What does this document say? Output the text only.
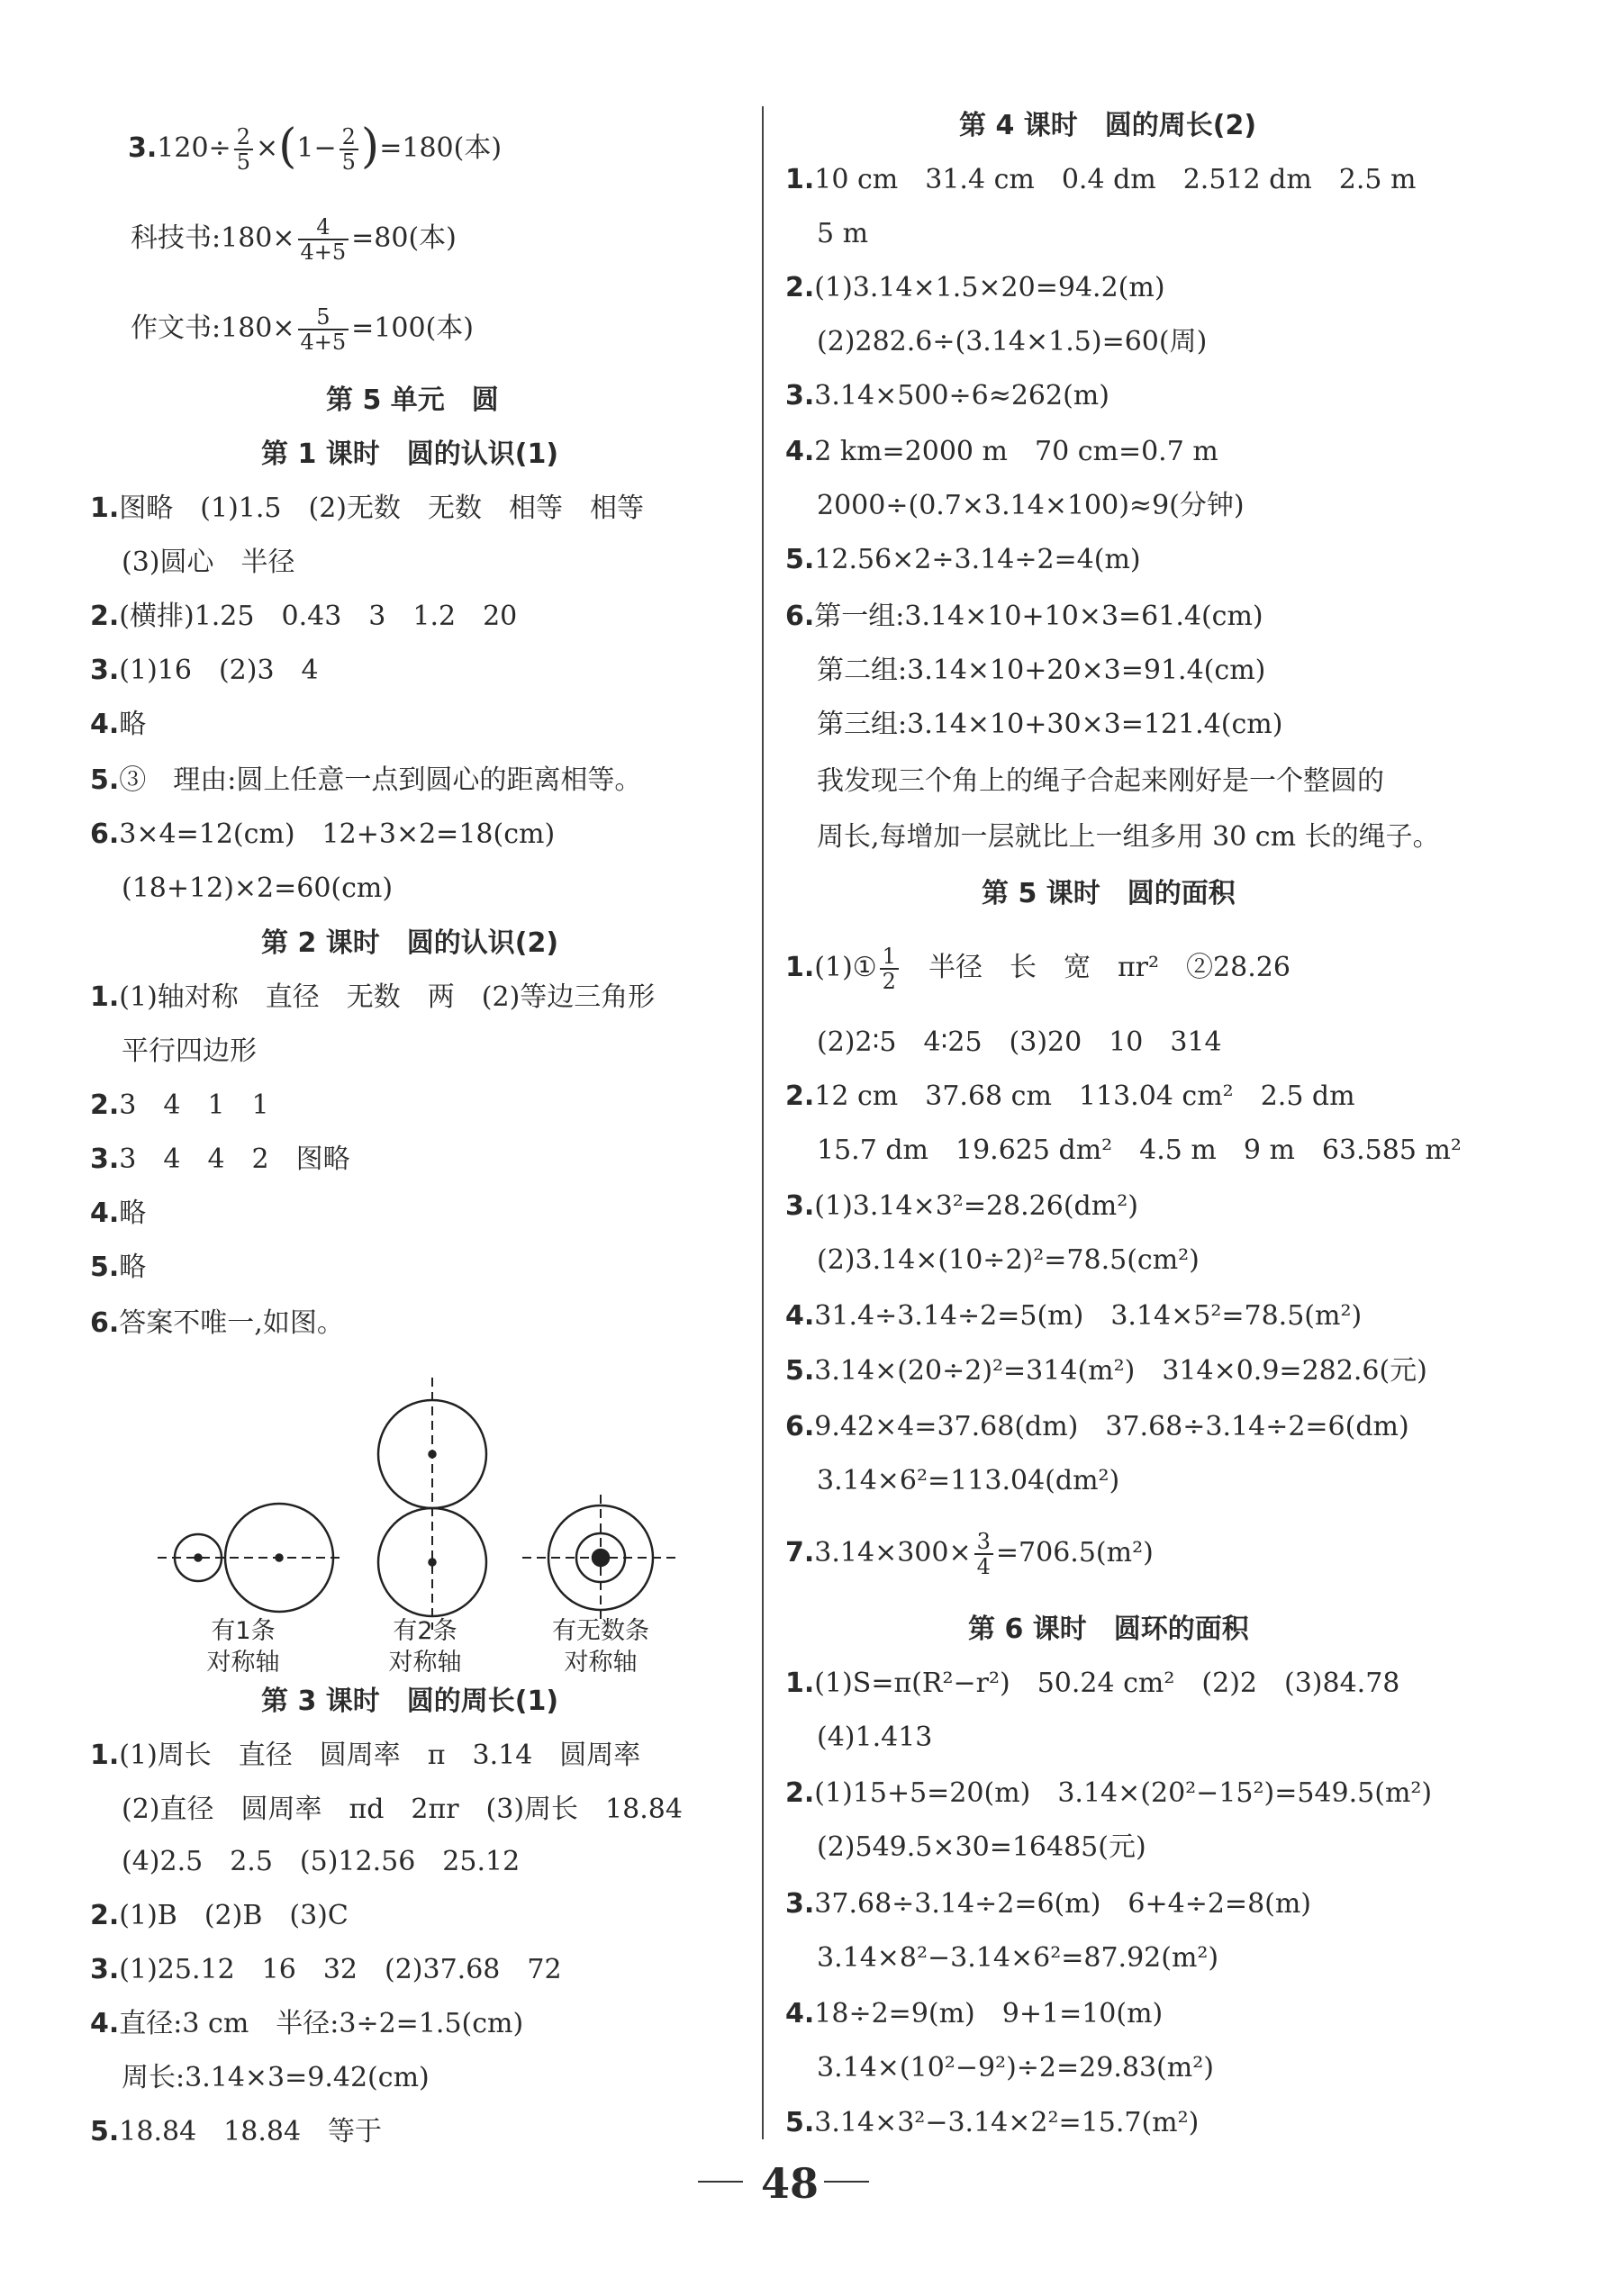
$3.120\div \frac{2}{5} \times(1- \frac{2}{5} )=180$(本)
科技书:180× $\frac{4}{4+5} =80$(本)
作文书:180× $\frac{5}{4+5} =100$(本)
第 5 单元　圆
第 1 课时　圆的认识(1)
1.图略　(1)1.5　(2)无数　无数　相等　相等
(3)圆心　半径
2.(横排)1.25　0.43　3　1.2　20
3.(1)16　(2)3　4
4.略
5.③　理由:圆上任意一点到圆心的距离相等。
6.3×4=12(cm)　12+3×2=18(cm)
(18+12)×2=60(cm)
第 2 课时　圆的认识(2)
1.(1)轴对称　直径　无数　两　(2)等边三角形
平行四边形
2.3　4　1　1
3.3　4　4　2　图略
4.略
5.略
6.答案不唯一,如图。
有1条
对称轴
有2条
对称轴
有无数条
对称轴
第 3 课时　圆的周长(1)
1.(1)周长　直径　圆周率　π　3.14　圆周率
(2)直径　圆周率　πd　2πr　(3)周长　18.84
(4)2.5　2.5　(5)12.56　25.12
2.(1)B　(2)B　(3)C
3.(1)25.12　16　32　(2)37.68　72
4.直径:3 cm　半径:3÷2=1.5(cm)
周长:3.14×3=9.42(cm)
5.18.84　18.84　等于
第 4 课时　圆的周长(2)
1.10 cm　31.4 cm　0.4 dm　2.512 dm　2.5 m
5 m
2.(1)3.14×1.5×20=94.2(m)
(2)282.6÷(3.14×1.5)=60(周)
3.3.14×500÷6≈262(m)
4.2 km=2000 m　70 cm=0.7 m
2000÷(0.7×3.14×100)≈9(分钟)
5.12.56×2÷3.14÷2=4(m)
6.第一组:3.14×10+10×3=61.4(cm)
第二组:3.14×10+20×3=91.4(cm)
第三组:3.14×10+30×3=121.4(cm)
我发现三个角上的绳子合起来刚好是一个整圆的
周长,每增加一层就比上一组多用 30 cm 长的绳子。
第 5 课时　圆的面积
1.(1)① $\frac{1}{2}$ 　半径　长　宽　πr²　②28.26
(2)2∶5　4∶25　(3)20　10　314
2.12 cm　37.68 cm　113.04 cm²　2.5 dm
15.7 dm　19.625 dm²　4.5 m　9 m　63.585 m²
3.(1)3.14×3²=28.26(dm²)
(2)3.14×(10÷2)²=78.5(cm²)
4.31.4÷3.14÷2=5(m)　3.14×5²=78.5(m²)
5.3.14×(20÷2)²=314(m²)　314×0.9=282.6(元)
6.9.42×4=37.68(dm)　37.68÷3.14÷2=6(dm)
3.14×6²=113.04(dm²)
$7.3.14\times 300\times \frac{3}{4} =706.5(m^2)$
第 6 课时　圆环的面积
1.(1)S=π(R²−r²)　50.24 cm²　(2)2　(3)84.78
(4)1.413
2.(1)15+5=20(m)　3.14×(20²−15²)=549.5(m²)
(2)549.5×30=16485(元)
3.37.68÷3.14÷2=6(m)　6+4÷2=8(m)
3.14×8²−3.14×6²=87.92(m²)
4.18÷2=9(m)　9+1=10(m)
3.14×(10²−9²)÷2=29.83(m²)
5.3.14×3²−3.14×2²=15.7(m²)
48
